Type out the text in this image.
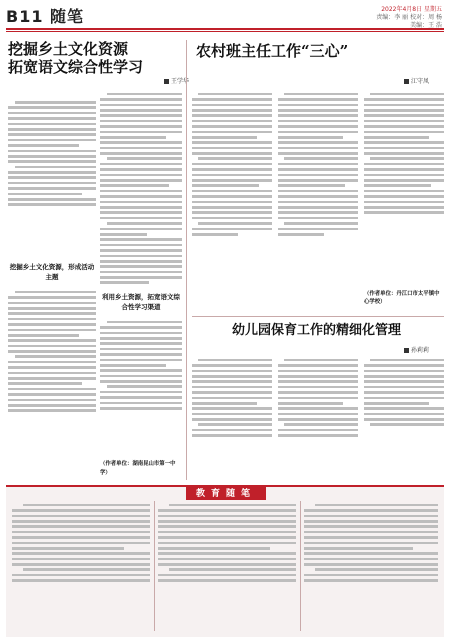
B11 随笔	2022年4月8日 星期五
责编：李 丽 校对：周 杨
美编：王 浩
挖掘乡土文化资源
拓宽语文综合性学习
王学华

挖掘乡土文化资源，形成活动主题
利用乡土资源，拓宽语文综合性学习渠道
（作者单位：湖南昆山市第一中学）
农村班主任工作“三心”
江守凤
（作者单位：丹江口市太平镇中心学校）
幼儿园保育工作的精细化管理
孙莉莉
教育随笔
